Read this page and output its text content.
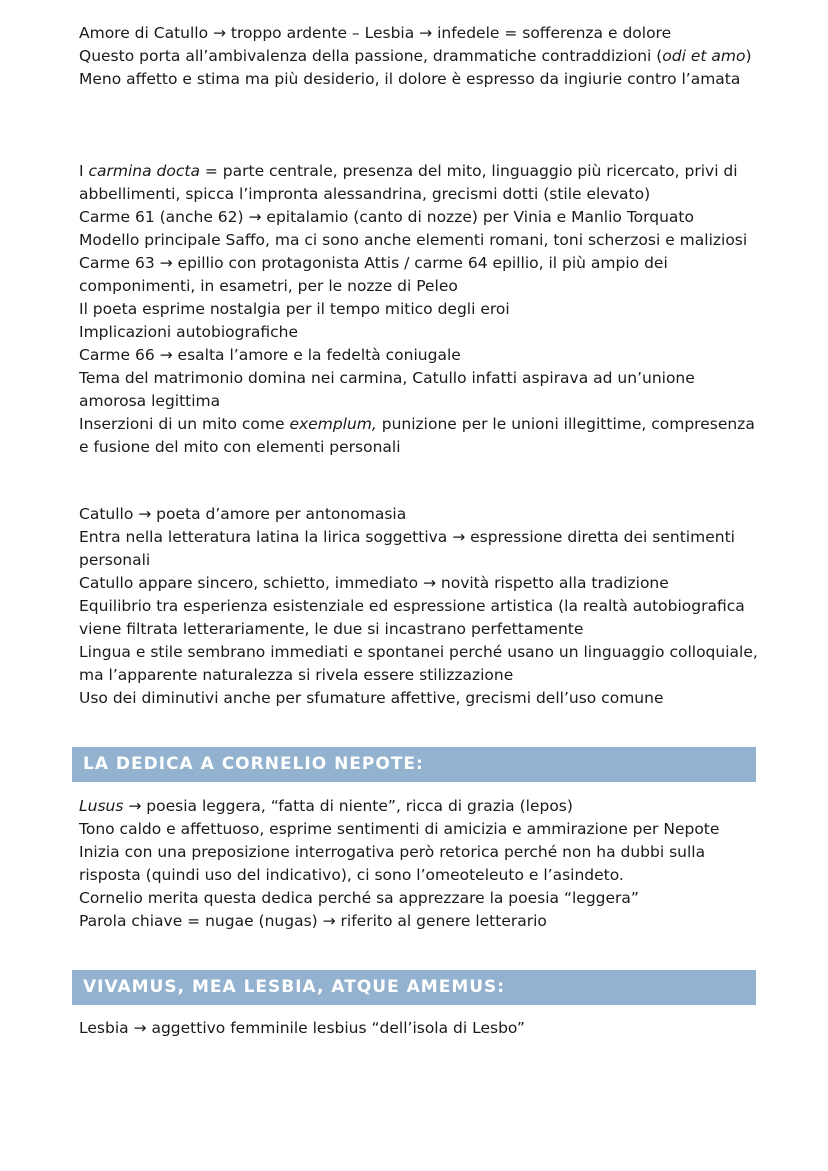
Amore di Catullo → troppo ardente – Lesbia → infedele = sofferenza e dolore

Questo porta all’ambivalenza della passione, drammatiche contraddizioni (odi et amo)

Meno affetto e stima ma più desiderio, il dolore è espresso da ingiurie contro l’amata

I carmina docta = parte centrale, presenza del mito, linguaggio più ricercato, privi di abbellimenti, spicca l’impronta alessandrina, grecismi dotti (stile elevato)

Carme 61 (anche 62) → epitalamio (canto di nozze) per Vinia e Manlio Torquato

Modello principale Saffo, ma ci sono anche elementi romani, toni scherzosi e maliziosi

Carme 63 → epillio con protagonista Attis / carme 64 epillio, il più ampio dei componimenti, in esametri, per le nozze di Peleo

Il poeta esprime nostalgia per il tempo mitico degli eroi

Implicazioni autobiografiche

Carme 66 → esalta l’amore e la fedeltà coniugale

Tema del matrimonio domina nei carmina, Catullo infatti aspirava ad un’unione amorosa legittima

Inserzioni di un mito come exemplum, punizione per le unioni illegittime, compresenza e fusione del mito con elementi personali

Catullo → poeta d’amore per antonomasia

Entra nella letteratura latina la lirica soggettiva → espressione diretta dei sentimenti personali

Catullo appare sincero, schietto, immediato → novità rispetto alla tradizione

Equilibrio tra esperienza esistenziale ed espressione artistica (la realtà autobiografica viene filtrata letterariamente, le due si incastrano perfettamente

Lingua e stile sembrano immediati e spontanei perché usano un linguaggio colloquiale, ma l’apparente naturalezza si rivela essere stilizzazione

Uso dei diminutivi anche per sfumature affettive, grecismi dell’uso comune

LA DEDICA A CORNELIO NEPOTE:

Lusus → poesia leggera, “fatta di niente”, ricca di grazia (lepos)

Tono caldo e affettuoso, esprime sentimenti di amicizia e ammirazione per Nepote

Inizia con una preposizione interrogativa però retorica perché non ha dubbi sulla risposta (quindi uso del indicativo), ci sono l’omeoteleuto e l’asindeto.

Cornelio merita questa dedica perché sa apprezzare la poesia “leggera”

Parola chiave = nugae (nugas) → riferito al genere letterario

VIVAMUS, MEA LESBIA, ATQUE AMEMUS:

Lesbia → aggettivo femminile lesbius “dell’isola di Lesbo”
